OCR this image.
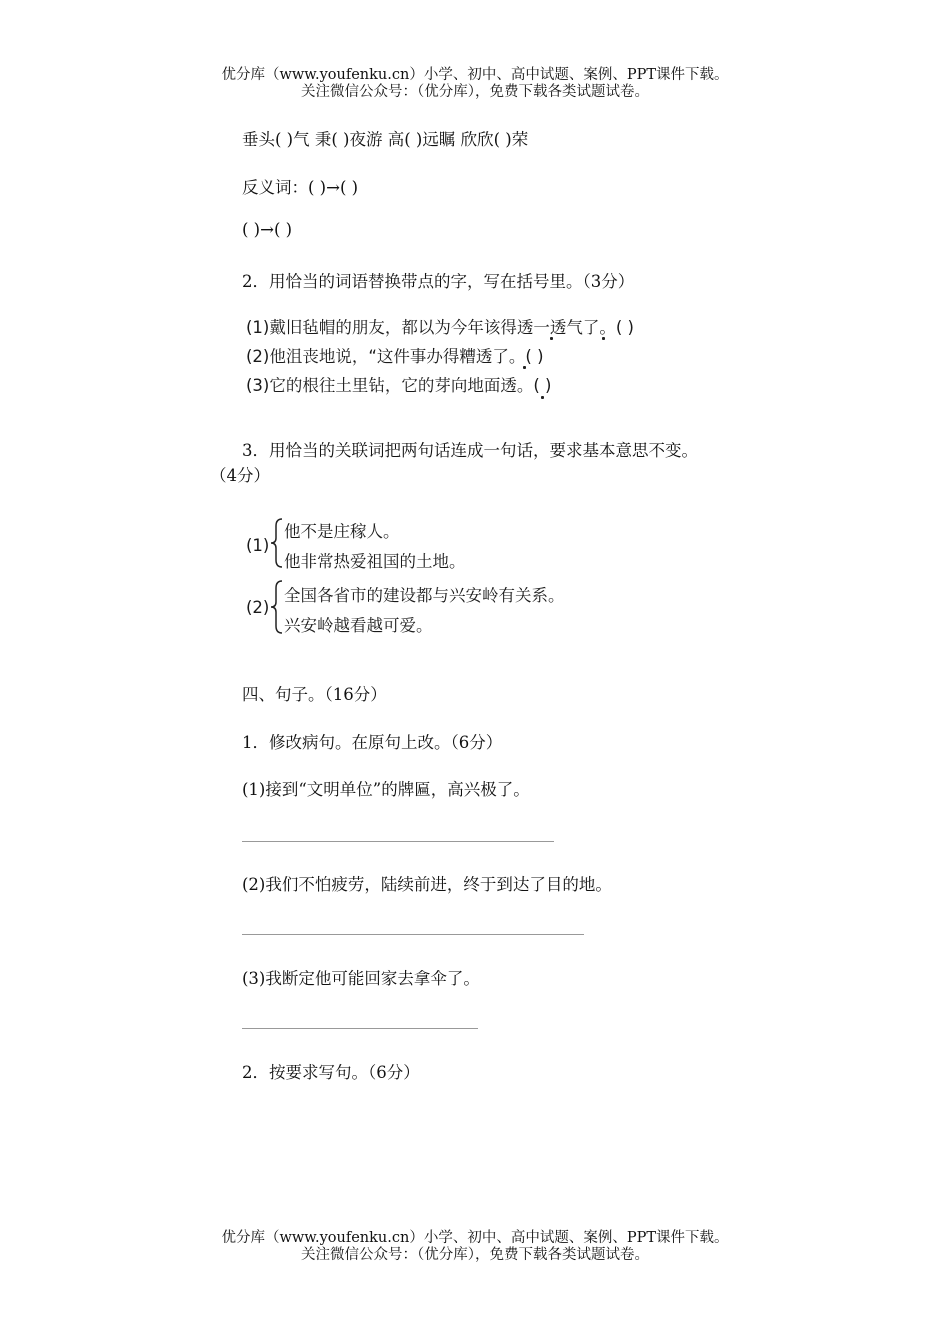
优分库（www.youfenku.cn）小学、初中、高中试题、案例、PPT课件下载。
关注微信公众号：（优分库），免费下载各类试题试卷。
垂头( )气 秉( )夜游 高( )远瞩 欣欣( )荣
反义词：( )→( )
( )→( )
2．用恰当的词语替换带点的字，写在括号里。（3分）
(1)戴旧毡帽的朋友，都以为今年该得透一透气了。( )
(2)他沮丧地说，“这件事办得糟透了。( )
(3)它的根往土里钻，它的芽向地面透。( )
3．用恰当的关联词把两句话连成一句话，要求基本意思不变。
（4分）
(1)
他不是庄稼人。
他非常热爱祖国的土地。
(2)
全国各省市的建设都与兴安岭有关系。
兴安岭越看越可爱。
四、句子。（16分）
1．修改病句。在原句上改。（6分）
(1)接到“文明单位”的牌匾，高兴极了。
(2)我们不怕疲劳，陆续前进，终于到达了目的地。
(3)我断定他可能回家去拿伞了。
2．按要求写句。（6分）
优分库（www.youfenku.cn）小学、初中、高中试题、案例、PPT课件下载。
关注微信公众号：（优分库），免费下载各类试题试卷。
